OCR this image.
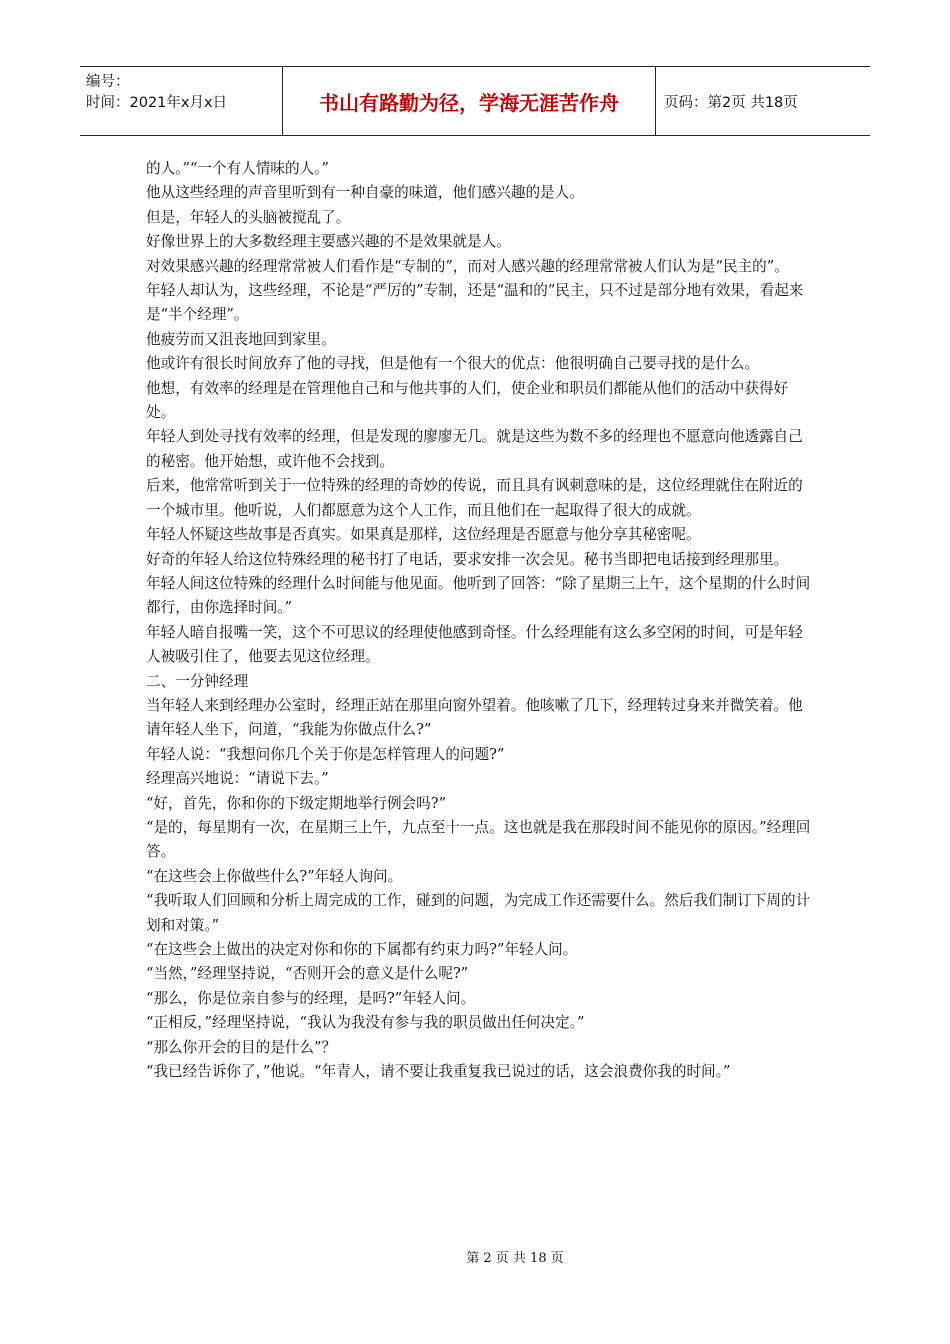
编号：
时间：2021年x月x日	书山有路勤为径，学海无涯苦作舟	页码：第2页 共18页

的人。”“一个有人情味的人。”

他从这些经理的声音里听到有一种自豪的味道，他们感兴趣的是人。

但是，年轻人的头脑被搅乱了。

好像世界上的大多数经理主要感兴趣的不是效果就是人。

对效果感兴趣的经理常常被人们看作是“专制的”，而对人感兴趣的经理常常被人们认为是“民主的”。

年轻人却认为，这些经理，不论是“严厉的”专制，还是“温和的”民主，只不过是部分地有效果，看起来是“半个经理”。

他疲劳而又沮丧地回到家里。

他或许有很长时间放弃了他的寻找，但是他有一个很大的优点：他很明确自己要寻找的是什么。

他想，有效率的经理是在管理他自己和与他共事的人们，使企业和职员们都能从他们的活动中获得好处。

年轻人到处寻找有效率的经理，但是发现的廖廖无几。就是这些为数不多的经理也不愿意向他透露自己的秘密。他开始想，或许他不会找到。

后来，他常常听到关于一位特殊的经理的奇妙的传说，而且具有讽刺意味的是，这位经理就住在附近的一个城市里。他听说，人们都愿意为这个人工作，而且他们在一起取得了很大的成就。

年轻人怀疑这些故事是否真实。如果真是那样，这位经理是否愿意与他分享其秘密呢。

好奇的年轻人给这位特殊经理的秘书打了电话，要求安排一次会见。秘书当即把电话接到经理那里。

年轻人间这位特殊的经理什么时间能与他见面。他听到了回答：“除了星期三上午，这个星期的什么时间都行，由你选择时间。”

年轻人暗自报嘴一笑，这个不可思议的经理使他感到奇怪。什么经理能有这么多空闲的时间，可是年轻人被吸引住了，他要去见这位经理。

二、一分钟经理

当年轻人来到经理办公室时，经理正站在那里向窗外望着。他咳嗽了几下，经理转过身来并微笑着。他请年轻人坐下，问道，“我能为你做点什么?”

年轻人说：“我想问你几个关于你是怎样管理人的问题?”

经理高兴地说：“请说下去。”

“好，首先，你和你的下级定期地举行例会吗?”

“是的，每星期有一次，在星期三上午，九点至十一点。这也就是我在那段时间不能见你的原因。”经理回答。

“在这些会上你做些什么?”年轻人询问。

“我听取人们回顾和分析上周完成的工作，碰到的问题，为完成工作还需要什么。然后我们制订下周的计划和对策。”

“在这些会上做出的决定对你和你的下属都有约束力吗?”年轻人问。

“当然，”经理坚持说，“否则开会的意义是什么呢?”

“那么，你是位亲自参与的经理，是吗?”年轻人问。

“正相反，”经理坚持说，“我认为我没有参与我的职员做出任何决定。”

“那么你开会的目的是什么”？

“我已经告诉你了，”他说。“年青人，请不要让我重复我已说过的话，这会浪费你我的时间。”

第 2 页 共 18 页
